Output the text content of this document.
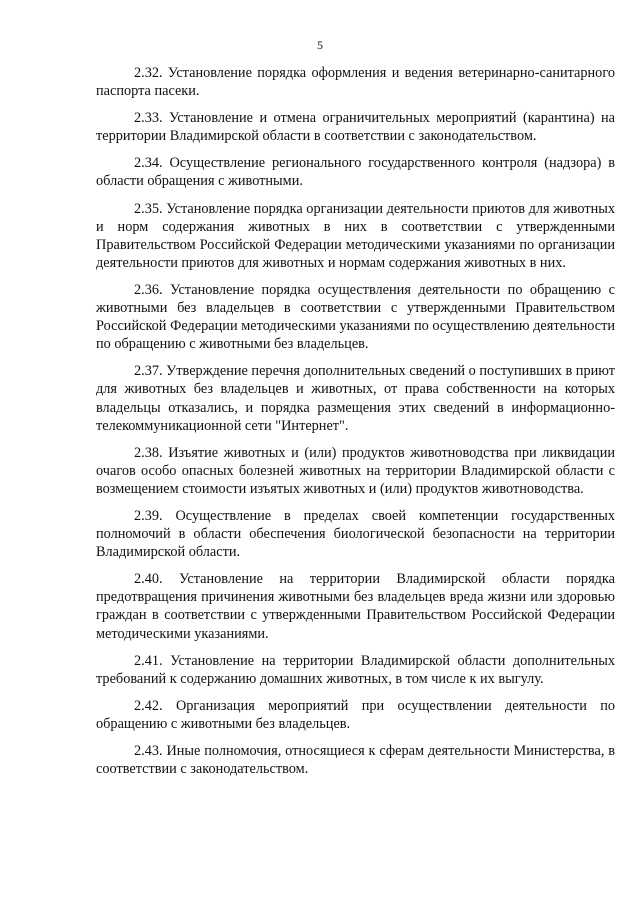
5

2.32. Установление порядка оформления и ведения ветеринарно-санитарного паспорта пасеки.

2.33. Установление и отмена ограничительных мероприятий (карантина) на территории Владимирской области в соответствии с законодательством.

2.34. Осуществление регионального государственного контроля (надзора) в области обращения с животными.

2.35. Установление порядка организации деятельности приютов для животных и норм содержания животных в них в соответствии с утвержденными Правительством Российской Федерации методическими указаниями по организации деятельности приютов для животных и нормам содержания животных в них.

2.36. Установление порядка осуществления деятельности по обращению с животными без владельцев в соответствии с утвержденными Правительством Российской Федерации методическими указаниями по осуществлению деятельности по обращению с животными без владельцев.

2.37. Утверждение перечня дополнительных сведений о поступивших в приют для животных без владельцев и животных, от права собственности на которых владельцы отказались, и порядка размещения этих сведений в информационно-телекоммуникационной сети "Интернет".

2.38. Изъятие животных и (или) продуктов животноводства при ликвидации очагов особо опасных болезней животных на территории Владимирской области с возмещением стоимости изъятых животных и (или) продуктов животноводства.

2.39. Осуществление в пределах своей компетенции государственных полномочий в области обеспечения биологической безопасности на территории Владимирской области.

2.40. Установление на территории Владимирской области порядка предотвращения причинения животными без владельцев вреда жизни или здоровью граждан в соответствии с утвержденными Правительством Российской Федерации методическими указаниями.

2.41. Установление на территории Владимирской области дополнительных требований к содержанию домашних животных, в том числе к их выгулу.

2.42. Организация мероприятий при осуществлении деятельности по обращению с животными без владельцев.

2.43. Иные полномочия, относящиеся к сферам деятельности Министерства, в соответствии с законодательством.
